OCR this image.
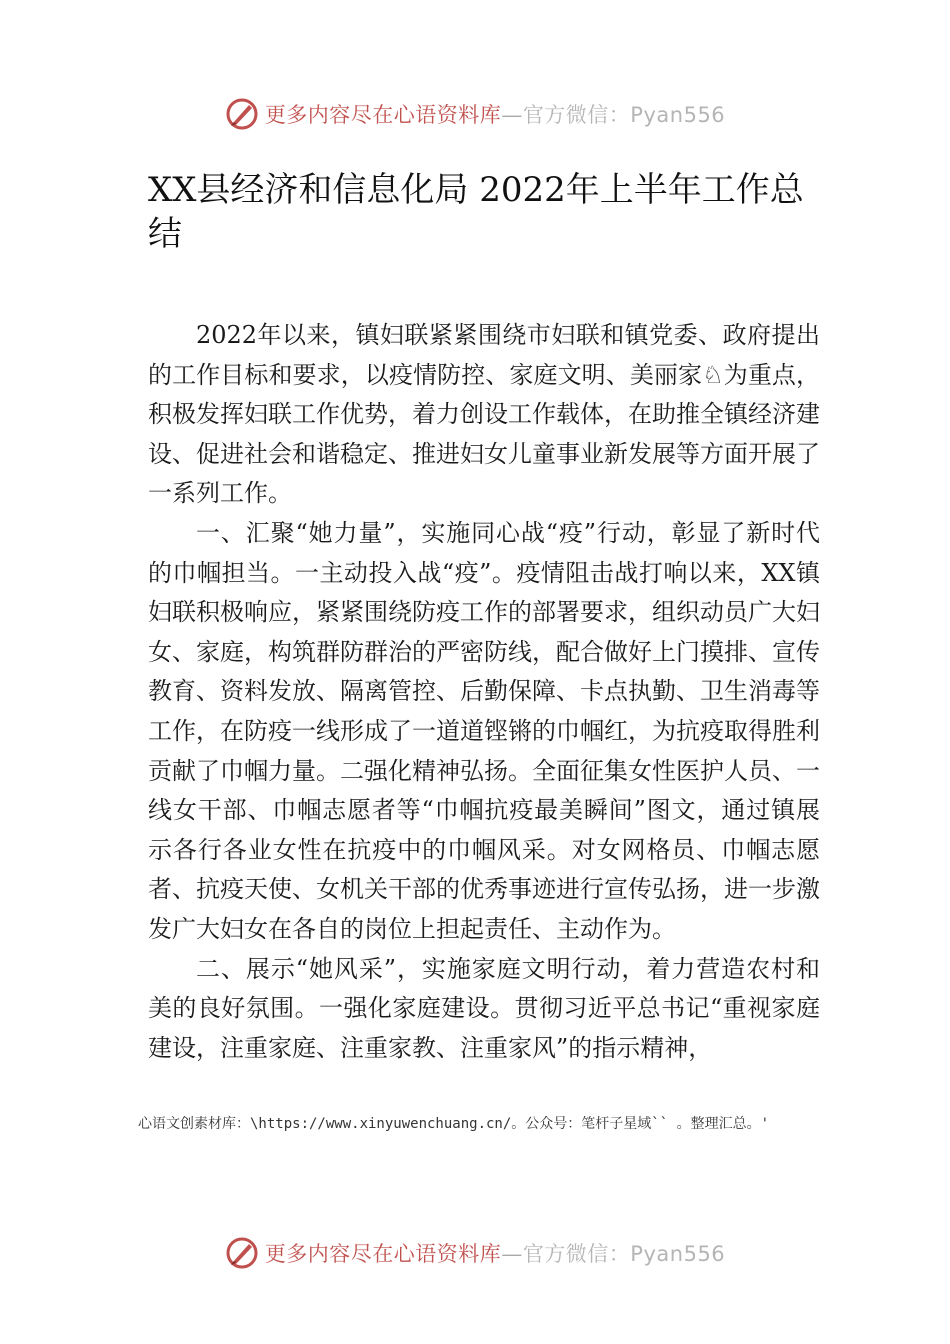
更多内容尽在心语资料库—官方微信：Pyan556
XX县经济和信息化局 2022年上半年工作总结

2022年以来，镇妇联紧紧围绕市妇联和镇党委、政府提出的工作目标和要求，以疫情防控、家庭文明、美丽家♘为重点，积极发挥妇联工作优势，着力创设工作载体，在助推全镇经济建设、促进社会和谐稳定、推进妇女儿童事业新发展等方面开展了一系列工作。

一、汇聚“她力量”，实施同心战“疫”行动，彰显了新时代的巾帼担当。一主动投入战“疫”。疫情阻击战打响以来，XX镇妇联积极响应，紧紧围绕防疫工作的部署要求，组织动员广大妇女、家庭，构筑群防群治的严密防线，配合做好上门摸排、宣传教育、资料发放、隔离管控、后勤保障、卡点执勤、卫生消毒等工作，在防疫一线形成了一道道铿锵的巾帼红，为抗疫取得胜利贡献了巾帼力量。二强化精神弘扬。全面征集女性医护人员、一线女干部、巾帼志愿者等“巾帼抗疫最美瞬间”图文，通过镇展示各行各业女性在抗疫中的巾帼风采。对女网格员、巾帼志愿者、抗疫天使、女机关干部的优秀事迹进行宣传弘扬，进一步激发广大妇女在各自的岗位上担起责任、主动作为。

二、展示“她风采”，实施家庭文明行动，着力营造农村和美的良好氛围。一强化家庭建设。贯彻习近平总书记“重视家庭建设，注重家庭、注重家教、注重家风”的指示精神，

心语文创素材库：\https://www.xinyuwenchuang.cn/。公众号：笔杆子星域`` 。整理汇总。'
更多内容尽在心语资料库—官方微信：Pyan556
